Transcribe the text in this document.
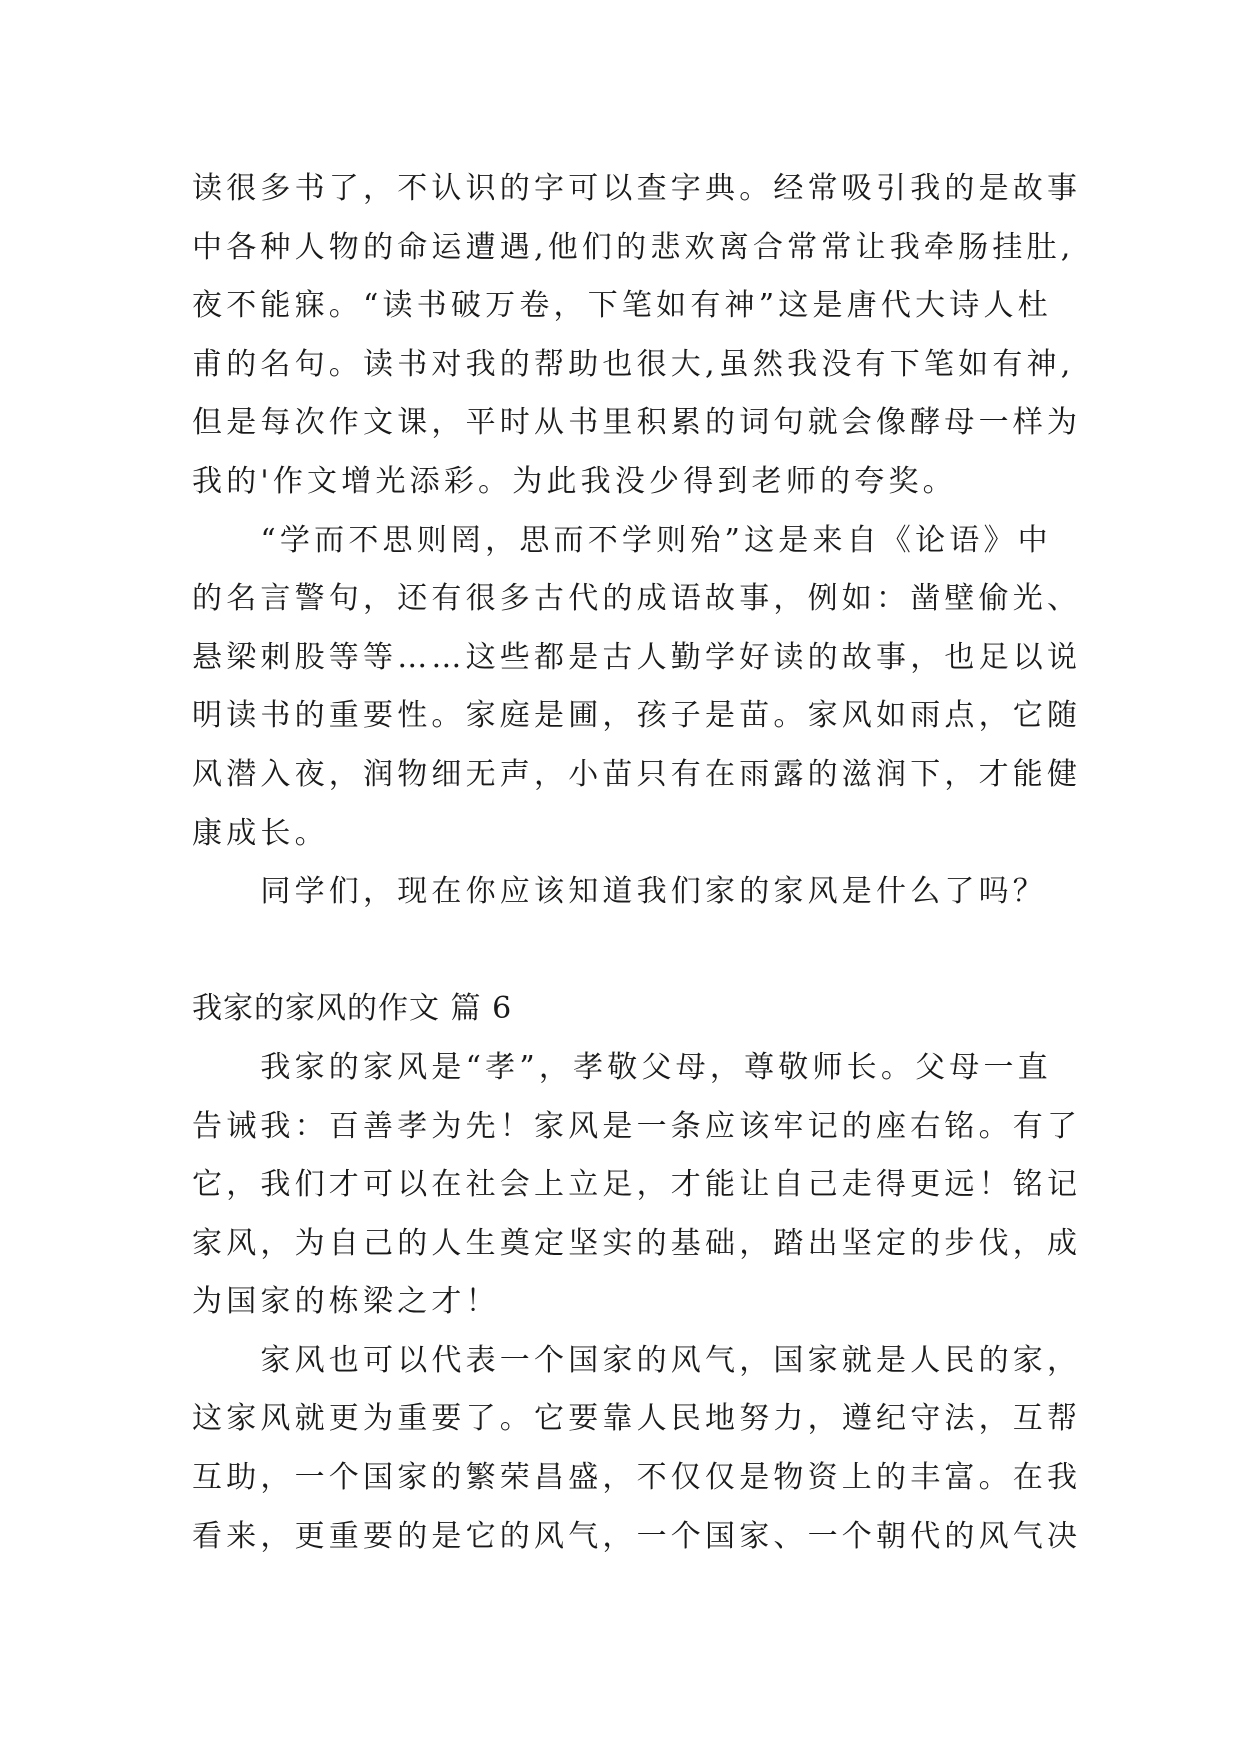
读很多书了，不认识的字可以查字典。经常吸引我的是故事
中各种人物的命运遭遇,他们的悲欢离合常常让我牵肠挂肚,
夜不能寐。“读书破万卷，下笔如有神”这是唐代大诗人杜
甫的名句。读书对我的帮助也很大,虽然我没有下笔如有神,
但是每次作文课，平时从书里积累的词句就会像酵母一样为
我的'作文增光添彩。为此我没少得到老师的夸奖。
　　“学而不思则罔，思而不学则殆”这是来自《论语》中
的名言警句，还有很多古代的成语故事，例如：凿壁偷光、
悬梁刺股等等……这些都是古人勤学好读的故事，也足以说
明读书的重要性。家庭是圃，孩子是苗。家风如雨点，它随
风潜入夜，润物细无声，小苗只有在雨露的滋润下，才能健
康成长。
　　同学们，现在你应该知道我们家的家风是什么了吗？
我家的家风的作文 篇 6
　　我家的家风是“孝”，孝敬父母，尊敬师长。父母一直
告诫我：百善孝为先！家风是一条应该牢记的座右铭。有了
它，我们才可以在社会上立足，才能让自己走得更远！铭记
家风，为自己的人生奠定坚实的基础，踏出坚定的步伐，成
为国家的栋梁之才！
　　家风也可以代表一个国家的风气，国家就是人民的家，
这家风就更为重要了。它要靠人民地努力，遵纪守法，互帮
互助，一个国家的繁荣昌盛，不仅仅是物资上的丰富。在我
看来，更重要的是它的风气，一个国家、一个朝代的风气决
